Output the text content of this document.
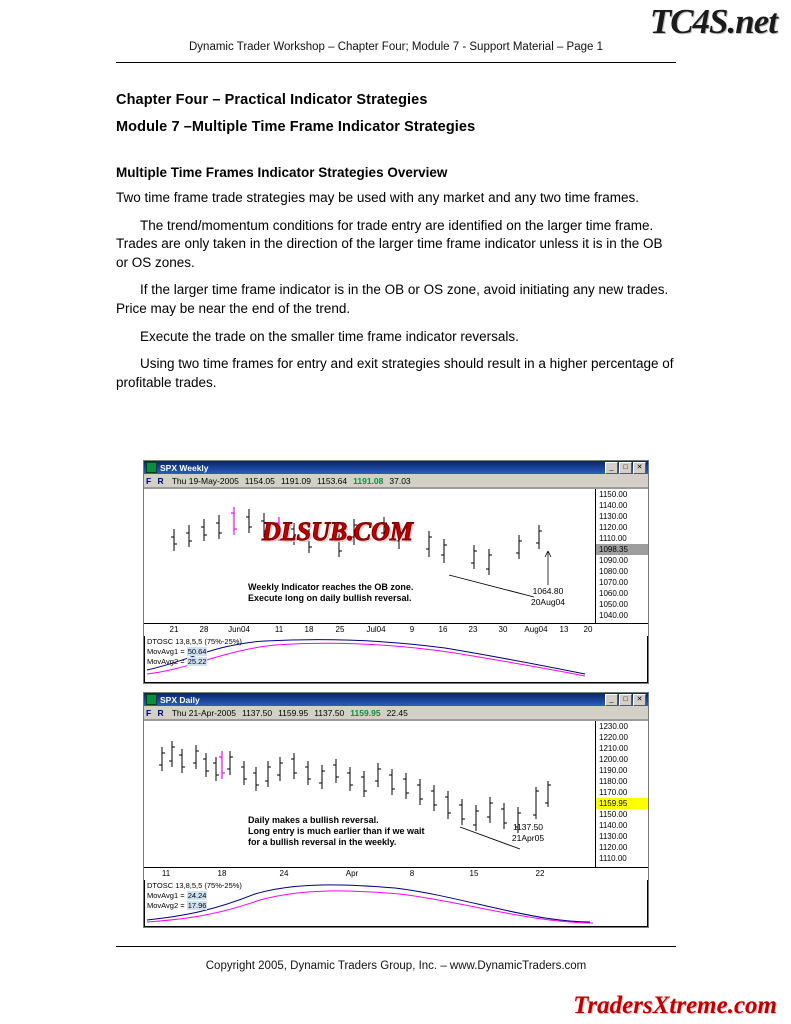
TC4S.net
Dynamic Trader Workshop – Chapter Four; Module 7 - Support Material – Page 1
Chapter Four – Practical Indicator Strategies
Module 7 –Multiple Time Frame Indicator Strategies
Multiple Time Frames Indicator Strategies Overview

Two time frame trade strategies may be used with any market and any two time frames.

The trend/momentum conditions for trade entry are identified on the larger time frame. Trades are only taken in the direction of the larger time frame indicator unless it is in the OB or OS zones.

If the larger time frame indicator is in the OB or OS zone, avoid initiating any new trades. Price may be near the end of the trend.

Execute the trade on the smaller time frame indicator reversals.

Using two time frames for entry and exit strategies should result in a higher percentage of profitable trades.

SPX Weekly	_	□	✕
F R Thu 19-May-2005 1154.05 1191.09 1153.64 1191.08 37.03
DLSUB.COM
Weekly Indicator reaches the OB zone.
Execute long on daily bullish reversal.
1064.80
20Aug04
1150.00
1140.00
1130.00
1120.00
1110.00
1098.35
1090.00
1080.00
1070.00
1060.00
1050.00
1040.00
21	28 Jun04	11	18	25	Jul04	9	16	23	30 Aug04 13 20
DTOSC 13,8,5,5 (75%-25%)
MovAvg1 = 50.64
MovAvg2 = 25.22
SPX Daily	_	□	✕
F R Thu 21-Apr-2005 1137.50 1159.95 1137.50 1159.95 22.45
Daily makes a bullish reversal.
Long entry is much earlier than if we wait
for a bullish reversal in the weekly.
1137.50
21Apr05
1230.00
1220.00
1210.00
1200.00
1190.00
1180.00
1170.00
1159.95
1150.00
1140.00
1130.00
1120.00
1110.00
11	18	24	Apr	8	15	22
DTOSC 13,8,5,5 (75%-25%)
MovAvg1 = 24.24
MovAvg2 = 17.96
Copyright 2005, Dynamic Traders Group, Inc. – www.DynamicTraders.com
TradersXtreme.com
